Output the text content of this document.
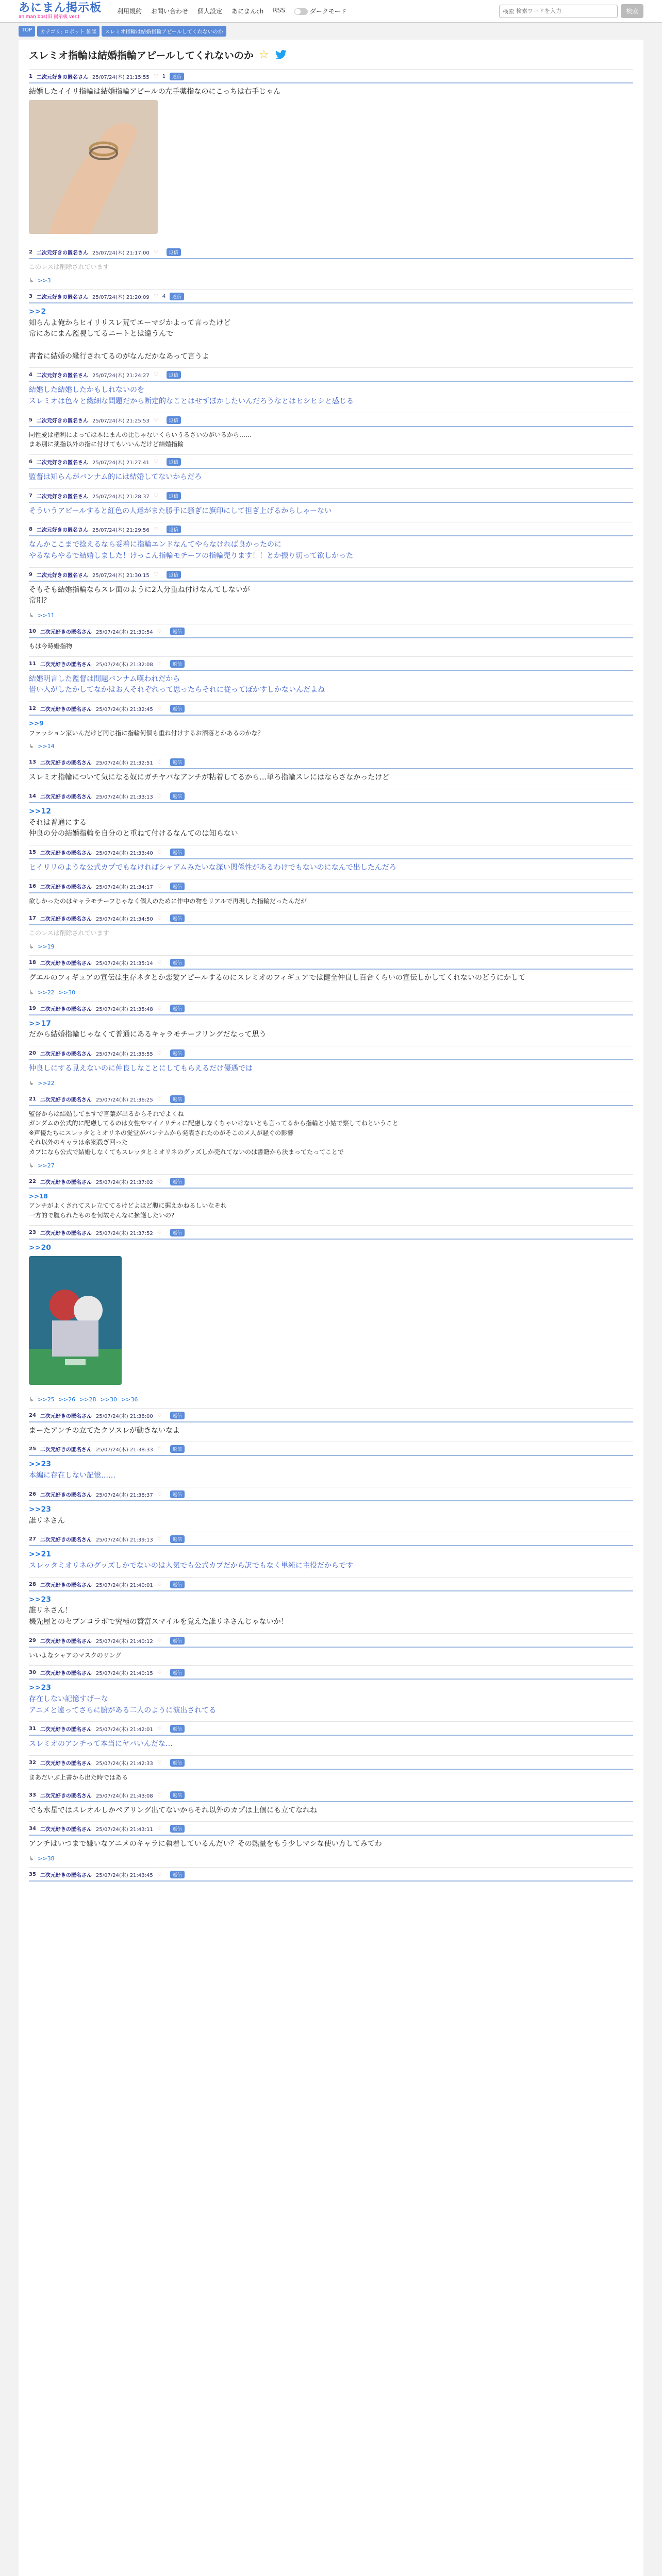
あにまん掲示板
animan bbs(旧 掲示板 ver.)
利用規約 お問い合わせ 個人設定 あにまんch RSS	ダークモード	検索
検索ワードを入力	検索
TOP	カテゴリ: ロボット 雑談	スレミオ指輪は結婚指輪アピールしてくれないのか
スレミオ指輪は結婚指輪アピールしてくれないのか ☆
1 二次元好きの匿名さん 25/07/24(木) 21:15:55 ♡ 1	返信
結婚したイイリ指輪は結婚指輪アピールの左手薬指なのにこっちは右手じゃん
2 二次元好きの匿名さん 25/07/24(木) 21:17:00 ♡	返信
このレスは削除されています
↳ >>3
3 二次元好きの匿名さん 25/07/24(木) 21:20:09 ♡ 4	返信
>>2
知らんよ俺からヒイリリスレ荒てエーマジかよって言ったけど
常にあにまん監視してるニートとは違うんで

書者に結婚の縁行されてるのがなんだかなあって言うよ
4 二次元好きの匿名さん 25/07/24(木) 21:24:27 ♡	返信
結婚した結婚したかもしれないのを
スレミオは色々と繊細な問題だから断定的なことはせずぼかしたいんだろうなとはヒシヒシと感じる
5 二次元好きの匿名さん 25/07/24(木) 21:25:53 ♡	返信
同性愛は権利によっては本にまんの比じゃないくらいうるさいのがいるから……
まあ別に薬指以外の指に付けてもいいんだけど結婚指輪
6 二次元好きの匿名さん 25/07/24(木) 21:27:41 ♡	返信
監督は知らんがバンナム的には結婚してないからだろ
7 二次元好きの匿名さん 25/07/24(木) 21:28:37 ♡	返信
そういうアピールすると紅色の人達がまた勝手に騒ぎに旗印にして担ぎ上げるからしゃーない
8 二次元好きの匿名さん 25/07/24(木) 21:29:56 ♡	返信
なんかここまで捻えるなら妥着に指輪エンドなんてやらなければ良かったのに
やるならやるで結婚しました！けっこん指輪モチーフの指輪売ります！！とか振り切って欲しかった
9 二次元好きの匿名さん 25/07/24(木) 21:30:15 ♡	返信
そもそも結婚指輪ならスレ面のように2人分重ね付けなんてしないが
常別？
↳ >>11
10 二次元好きの匿名さん 25/07/24(木) 21:30:54 ♡	返信
もは今時婚指物
11 二次元好きの匿名さん 25/07/24(木) 21:32:08 ♡	返信
結婚明言した監督は問題バンナム嘆われだから
借い入がしたかしてなかはお人それぞれって思ったらそれに従ってぼかすしかないんだよね
12 二次元好きの匿名さん 25/07/24(木) 21:32:45 ♡	返信
>>9
ファッション家いんだけど同じ指に指輪何個も重ね付けするお洒落とかあるのかな？
↳ >>14
13 二次元好きの匿名さん 25/07/24(木) 21:32:51 ♡	返信
スレミオ指輪について気になる奴にガチヤバなアンチが粘着してるから…単ろ指輪スレにはならさなかったけど
14 二次元好きの匿名さん 25/07/24(木) 21:33:13 ♡	返信
>>12
それは普通にする
仲良の分の結婚指輪を自分のと重ねて付けるなんてのは知らない
15 二次元好きの匿名さん 25/07/24(木) 21:33:40 ♡	返信
ヒイリリのような公式カプでもなければシャアムみたいな深い関係性があるわけでもないのになんで出したんだろ
16 二次元好きの匿名さん 25/07/24(木) 21:34:17 ♡	返信
欲しかったのはキャラモチーフじゃなく個人のために作中の物をリアルで再現した指輪だったんだが
17 二次元好きの匿名さん 25/07/24(木) 21:34:50 ♡	返信
このレスは削除されています
↳ >>19
18 二次元好きの匿名さん 25/07/24(木) 21:35:14 ♡	返信
グエルのフィギュアの宣伝は生存ネタとか恋愛アピールするのにスレミオのフィギュアでは健全仲良し百合くらいの宣伝しかしてくれないのどうにかして
↳ >>22 >>30
19 二次元好きの匿名さん 25/07/24(木) 21:35:48 ♡	返信
>>17
だから結婚指輪じゃなくて普通にあるキャラモチーフリングだなって思う
20 二次元好きの匿名さん 25/07/24(木) 21:35:55 ♡	返信
仲良しにする見えないのに仲良しなことにしてもらえるだけ優遇では
↳ >>22
21 二次元好きの匿名さん 25/07/24(木) 21:36:25 ♡	返信
監督からは結婚してますで言葉が出るからそれでよくね
ガンダムの公式的に配慮してるのは女性やマイノリティに配慮しなくちゃいけないとも言ってるから指輪と小姑で察してねということ
※声優たちにスレッタとミオリネの愛堂がバンナムから発表されたのがそこのメ人が騒ぐの影響
それ以外のキャラは余案殺ぎ回った
カプになら公式で結婚しなくてもスレッタとミオリネのグッズしか売れてないのは書籍から決まってたってことで
↳ >>27
22 二次元好きの匿名さん 25/07/24(木) 21:37:02 ♡	返信
>>18
アンチがよくされてスレ立ててるけどよほど腹に据えかねるしいなそれ
一方的で腹られたものを何故そんなに擁護したいの?
23 二次元好きの匿名さん 25/07/24(木) 21:37:52 ♡	返信
>>20
↳ >>25 >>26 >>28 >>30 >>36
24 二次元好きの匿名さん 25/07/24(木) 21:38:00 ♡	返信
まーたアンチの立てたクソスレが動きないなよ
25 二次元好きの匿名さん 25/07/24(木) 21:38:33 ♡	返信
>>23
本編に存在しない記憶……
26 二次元好きの匿名さん 25/07/24(木) 21:38:37 ♡	返信
>>23
誰リネさん
27 二次元好きの匿名さん 25/07/24(木) 21:39:13 ♡	返信
>>21
スレッタミオリネのグッズしかでないのは人気でも公式カプだから訳でもなく単純に主役だからです
28 二次元好きの匿名さん 25/07/24(木) 21:40:01 ♡	返信
>>23
誰リネさん！
機先屋とのセブンコラボで究極の贅富スマイルを覚えた誰リネさんじゃないか！
29 二次元好きの匿名さん 25/07/24(木) 21:40:12 ♡	返信
いいよなシャアのマスクのリング
30 二次元好きの匿名さん 25/07/24(木) 21:40:15 ♡	返信
>>23
存在しない記憶すげーな
アニメと違ってさらに腑がある二人のように演出されてる
31 二次元好きの匿名さん 25/07/24(木) 21:42:01 ♡	返信
スレミオのアンチって本当にヤバいんだな…
32 二次元好きの匿名さん 25/07/24(木) 21:42:33 ♡	返信
まあだいぶ上書から出た時ではある
33 二次元好きの匿名さん 25/07/24(木) 21:43:08 ♡	返信
でも水星ではスレオルしかペアリング出てないからそれ以外のカプは上個にも立てなれね
34 二次元好きの匿名さん 25/07/24(木) 21:43:11 ♡	返信
アンチはいつまで嫌いなアニメのキャラに執着しているんだい？その熱量をもう少しマシな使い方してみてわ
↳ >>38
35 二次元好きの匿名さん 25/07/24(木) 21:43:45 ♡	返信
